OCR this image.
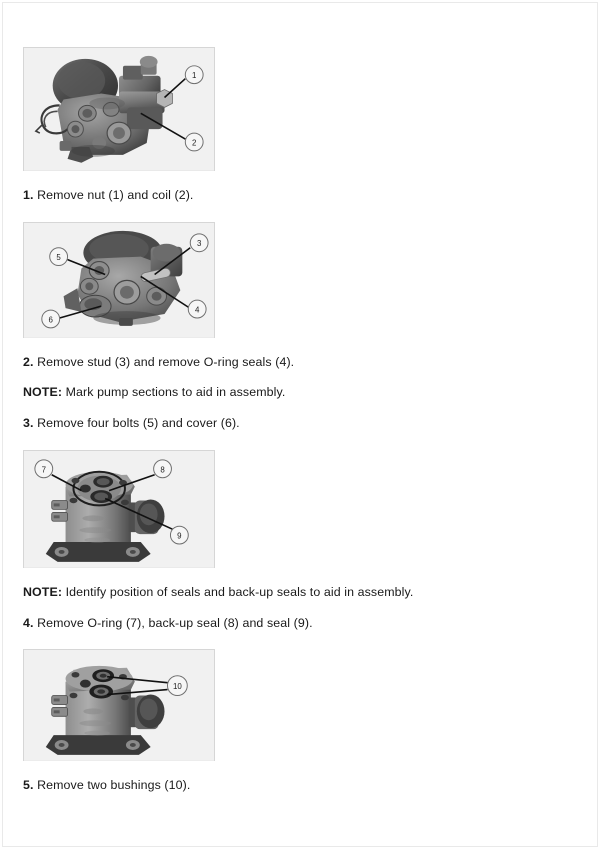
1
2
1. Remove nut (1) and coil (2).
5
3
6
4
2. Remove stud (3) and remove O-ring seals (4).
NOTE: Mark pump sections to aid in assembly.
3. Remove four bolts (5) and cover (6).
7	8
9
NOTE: Identify position of seals and back-up seals to aid in assembly.
4. Remove O-ring (7), back-up seal (8) and seal (9).
10
5. Remove two bushings (10).
